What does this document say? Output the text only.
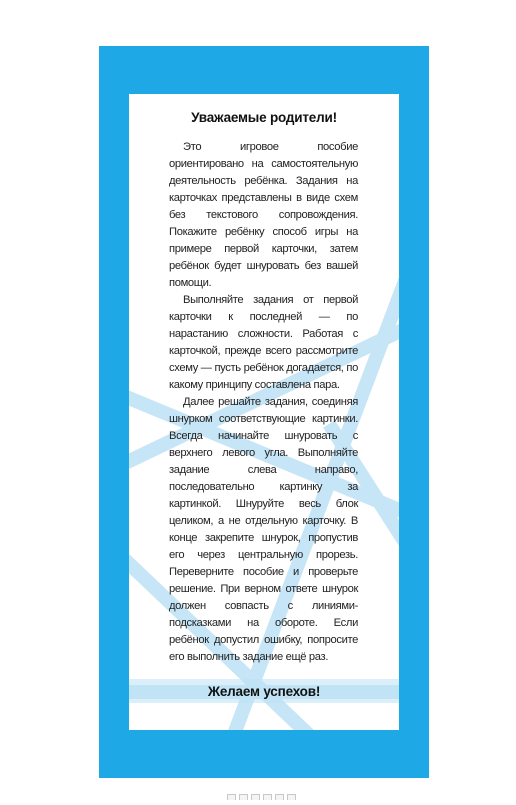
Уважаемые родители!

Это игровое пособие ориентировано на самостоятельную деятельность ребёнка. Задания на карточках представлены в виде схем без текстового сопровождения. Покажите ребёнку способ игры на примере первой карточки, затем ребёнок будет шнуровать без вашей помощи.

Выполняйте задания от первой карточки к последней — по нарастанию сложности. Работая с карточкой, прежде всего рассмотрите схему — пусть ребёнок догадается, по какому принципу составлена пара.

Далее решайте задания, соединяя шнурком соответствующие картинки. Всегда начинайте шнуровать с верхнего левого угла. Выполняйте задание слева направо, последовательно картинку за картинкой. Шнуруйте весь блок целиком, а не отдельную карточку. В конце закрепите шнурок, пропустив его через центральную прорезь. Переверните пособие и проверьте решение. При верном ответе шнурок должен совпасть с линиями-подсказками на обороте. Если ребёнок допустил ошибку, попросите его выполнить задание ещё раз.

Желаем успехов!
